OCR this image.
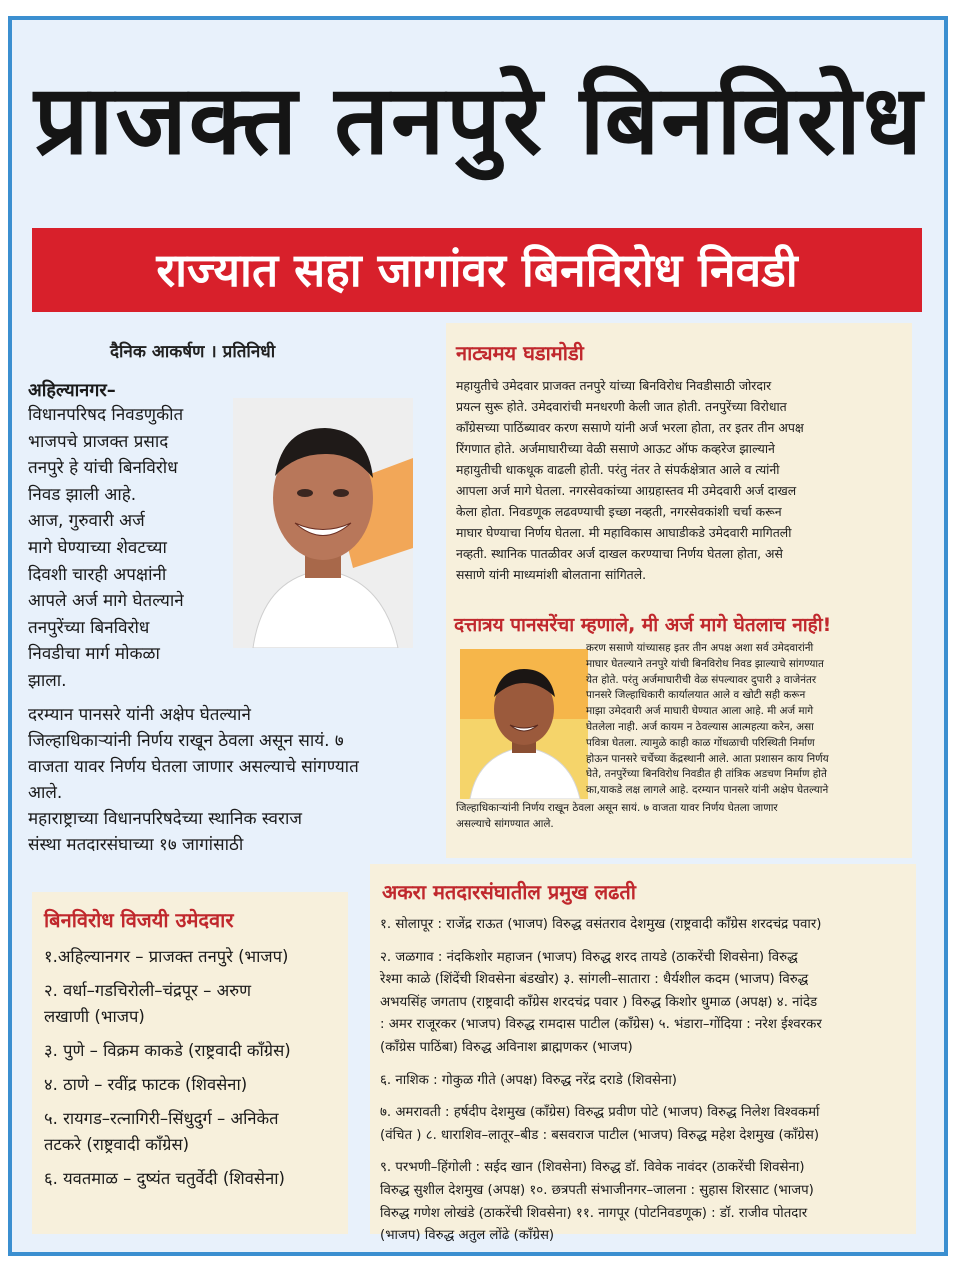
प्राजक्त तनपुरे बिनविरोध
राज्यात सहा जागांवर बिनविरोध निवडी
दैनिक आकर्षण । प्रतिनिधी
अहिल्यानगर–
विधानपरिषद निवडणुकीत
भाजपचे प्राजक्त प्रसाद
तनपुरे हे यांची बिनविरोध
निवड झाली आहे.
आज, गुरुवारी अर्ज
मागे घेण्याच्या शेवटच्या
दिवशी चारही अपक्षांनी
आपले अर्ज मागे घेतल्याने
तनपुरेंच्या बिनविरोध
निवडीचा मार्ग मोकळा
झाला.
दरम्यान पानसरे यांनी अक्षेप घेतल्याने
जिल्हाधिकाऱ्यांनी निर्णय राखून ठेवला असून सायं. ७
वाजता यावर निर्णय घेतला जाणार असल्याचे सांगण्यात
आले.
महाराष्ट्राच्या विधानपरिषदेच्या स्थानिक स्वराज
संस्था मतदारसंघाच्या १७ जागांसाठी
नाट्यमय घडामोडी
महायुतीचे उमेदवार प्राजक्त तनपुरे यांच्या बिनविरोध निवडीसाठी जोरदार
प्रयत्न सुरू होते. उमेदवारांची मनधरणी केली जात होती. तनपुरेंच्या विरोधात
काँग्रेसच्या पाठिंब्यावर करण ससाणे यांनी अर्ज भरला होता, तर इतर तीन अपक्ष
रिंगणात होते. अर्जमाघारीच्या वेळी ससाणे आऊट ऑफ कव्हरेज झाल्याने
महायुतीची धाकधूक वाढली होती. परंतु नंतर ते संपर्कक्षेत्रात आले व त्यांनी
आपला अर्ज मागे घेतला. नगरसेवकांच्या आग्रहास्तव मी उमेदवारी अर्ज दाखल
केला होता. निवडणूक लढवण्याची इच्छा नव्हती, नगरसेवकांशी चर्चा करून
माघार घेण्याचा निर्णय घेतला. मी महाविकास आघाडीकडे उमेदवारी मागितली
नव्हती. स्थानिक पातळीवर अर्ज दाखल करण्याचा निर्णय घेतला होता, असे
ससाणे यांनी माध्यमांशी बोलताना सांगितले.
दत्तात्रय पानसरेंचा म्हणाले, मी अर्ज मागे घेतलाच नाही!
करण ससाणे यांच्यासह इतर तीन अपक्ष अशा सर्व उमेदवारांनी
माघार घेतल्याने तनपुरे यांची बिनविरोध निवड झाल्याचे सांगण्यात
येत होते. परंतु अर्जमाघारीची वेळ संपल्यावर दुपारी ३ वाजेनंतर
पानसरे जिल्हाधिकारी कार्यालयात आले व खोटी सही करून
माझा उमेदवारी अर्ज माघारी घेण्यात आला आहे. मी अर्ज मागे
घेतलेला नाही. अर्ज कायम न ठेवल्यास आत्महत्या करेन, असा
पवित्रा घेतला. त्यामुळे काही काळ गोंधळाची परिस्थिती निर्माण
होऊन पानसरे चर्चेच्या केंद्रस्थानी आले. आता प्रशासन काय निर्णय
घेते, तनपुरेंच्या बिनविरोध निवडीत ही तांत्रिक अडचण निर्माण होते
का,याकडे लक्ष लागले आहे. दरम्यान पानसरे यांनी अक्षेप घेतल्याने
जिल्हाधिकाऱ्यांनी निर्णय राखून ठेवला असून सायं. ७ वाजता यावर निर्णय घेतला जाणार
असल्याचे सांगण्यात आले.
बिनविरोध विजयी उमेदवार
१.अहिल्यानगर – प्राजक्त तनपुरे (भाजप)
२. वर्धा–गडचिरोली–चंद्रपूर – अरुण
लखाणी (भाजप)
३. पुणे – विक्रम काकडे (राष्ट्रवादी काँग्रेस)
४. ठाणे – रवींद्र फाटक (शिवसेना)
५. रायगड–रत्नागिरी–सिंधुदुर्ग – अनिकेत
तटकरे (राष्ट्रवादी काँग्रेस)
६. यवतमाळ – दुष्यंत चतुर्वेदी (शिवसेना)
अकरा मतदारसंघातील प्रमुख लढती
१. सोलापूर : राजेंद्र राऊत (भाजप) विरुद्ध वसंतराव देशमुख (राष्ट्रवादी काँग्रेस शरदचंद्र पवार)
२. जळगाव : नंदकिशोर महाजन (भाजप) विरुद्ध शरद तायडे (ठाकरेंची शिवसेना) विरुद्ध
रेश्मा काळे (शिंदेंची शिवसेना बंडखोर) ३. सांगली–सातारा : धैर्यशील कदम (भाजप) विरुद्ध
अभयसिंह जगताप (राष्ट्रवादी काँग्रेस शरदचंद्र पवार ) विरुद्ध किशोर धुमाळ (अपक्ष) ४. नांदेड
: अमर राजूरकर (भाजप) विरुद्ध रामदास पाटील (काँग्रेस) ५. भंडारा–गोंदिया : नरेश ईश्वरकर
(काँग्रेस पाठिंबा) विरुद्ध अविनाश ब्राह्मणकर (भाजप)
६. नाशिक : गोकुळ गीते (अपक्ष) विरुद्ध नरेंद्र दराडे (शिवसेना)
७. अमरावती : हर्षदीप देशमुख (काँग्रेस) विरुद्ध प्रवीण पोटे (भाजप) विरुद्ध निलेश विश्वकर्मा
(वंचित ) ८. धाराशिव–लातूर–बीड : बसवराज पाटील (भाजप) विरुद्ध महेश देशमुख (काँग्रेस)
९. परभणी–हिंगोली : सईद खान (शिवसेना) विरुद्ध डॉ. विवेक नावंदर (ठाकरेंची शिवसेना)
विरुद्ध सुशील देशमुख (अपक्ष) १०. छत्रपती संभाजीनगर–जालना : सुहास शिरसाट (भाजप)
विरुद्ध गणेश लोखंडे (ठाकरेंची शिवसेना) ११. नागपूर (पोटनिवडणूक) : डॉ. राजीव पोतदार
(भाजप) विरुद्ध अतुल लोंढे (काँग्रेस)
